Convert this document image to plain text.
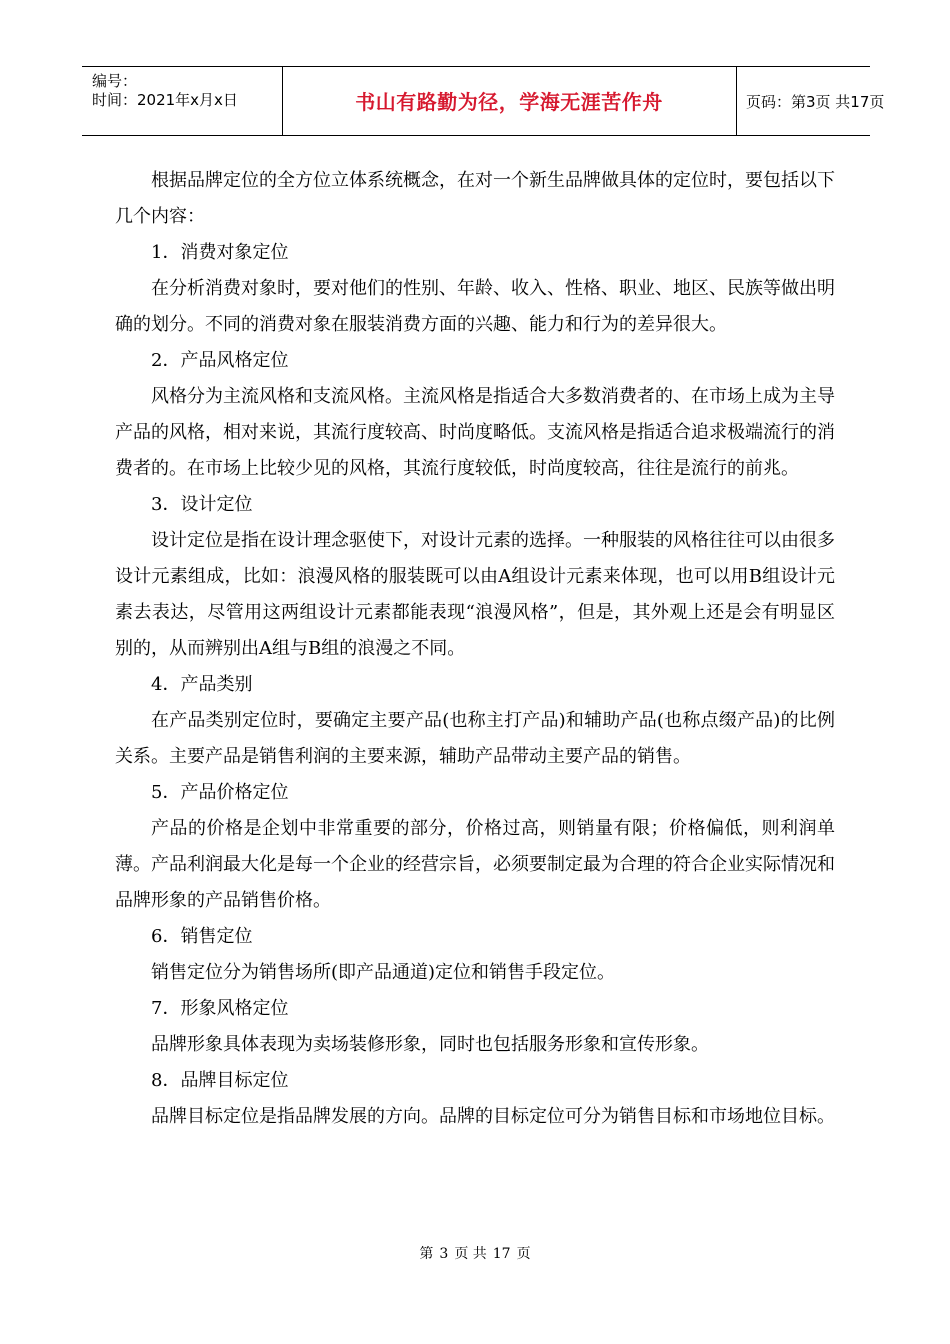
编号：
时间：2021年x月x日	书山有路勤为径，学海无涯苦作舟	页码：第3页 共17页

根据品牌定位的全方位立体系统概念，在对一个新生品牌做具体的定位时，要包括以下几个内容：

1．消费对象定位

在分析消费对象时，要对他们的性别、年龄、收入、性格、职业、地区、民族等做出明确的划分。不同的消费对象在服装消费方面的兴趣、能力和行为的差异很大。

2．产品风格定位

风格分为主流风格和支流风格。主流风格是指适合大多数消费者的、在市场上成为主导产品的风格，相对来说，其流行度较高、时尚度略低。支流风格是指适合追求极端流行的消费者的。在市场上比较少见的风格，其流行度较低，时尚度较高，往往是流行的前兆。

3．设计定位

设计定位是指在设计理念驱使下，对设计元素的选择。一种服装的风格往往可以由很多设计元素组成，比如：浪漫风格的服装既可以由A组设计元素来体现，也可以用B组设计元素去表达，尽管用这两组设计元素都能表现“浪漫风格”，但是，其外观上还是会有明显区别的，从而辨别出A组与B组的浪漫之不同。

4．产品类别

在产品类别定位时，要确定主要产品(也称主打产品)和辅助产品(也称点缀产品)的比例关系。主要产品是销售利润的主要来源，辅助产品带动主要产品的销售。

5．产品价格定位

产品的价格是企划中非常重要的部分，价格过高，则销量有限；价格偏低，则利润单薄。产品利润最大化是每一个企业的经营宗旨，必须要制定最为合理的符合企业实际情况和品牌形象的产品销售价格。

6．销售定位

销售定位分为销售场所(即产品通道)定位和销售手段定位。

7．形象风格定位

品牌形象具体表现为卖场装修形象，同时也包括服务形象和宣传形象。

8．品牌目标定位

品牌目标定位是指品牌发展的方向。品牌的目标定位可分为销售目标和市场地位目标。

第 3 页 共 17 页
